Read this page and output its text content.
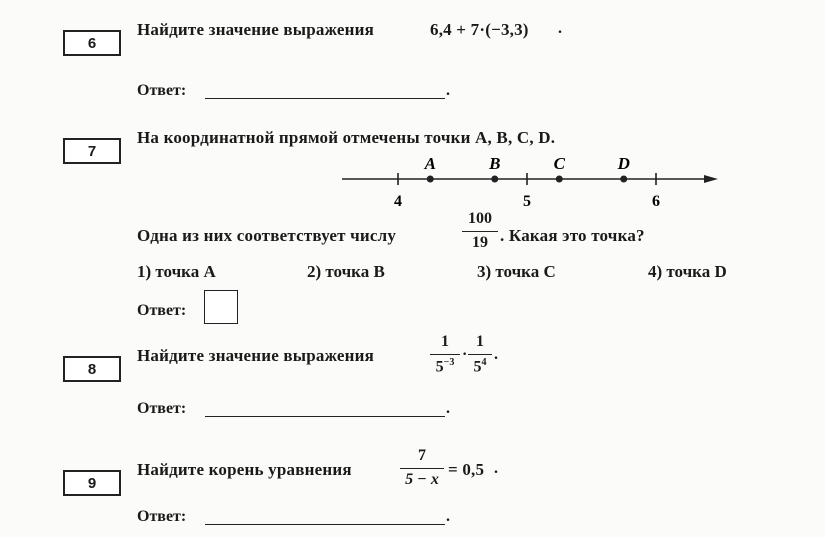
6
Найдите значение выражения	6,4 + 7·(−3,3) .
Ответ:	.
7
На координатной прямой отмечены точки A, B, C, D.
4	5	6
A	B	C	D
Одна из них соответствует числу
100
19 . Какая это точка?
1) точка A	2) точка B	3) точка C	4) точка D
Ответ:
8
Найдите значение выражения
1
$5^{-3}$ ·
1
$5^4$ .
Ответ:	.
9
Найдите корень уравнения
7
5 − x
= 0,5 .
Ответ:	.
